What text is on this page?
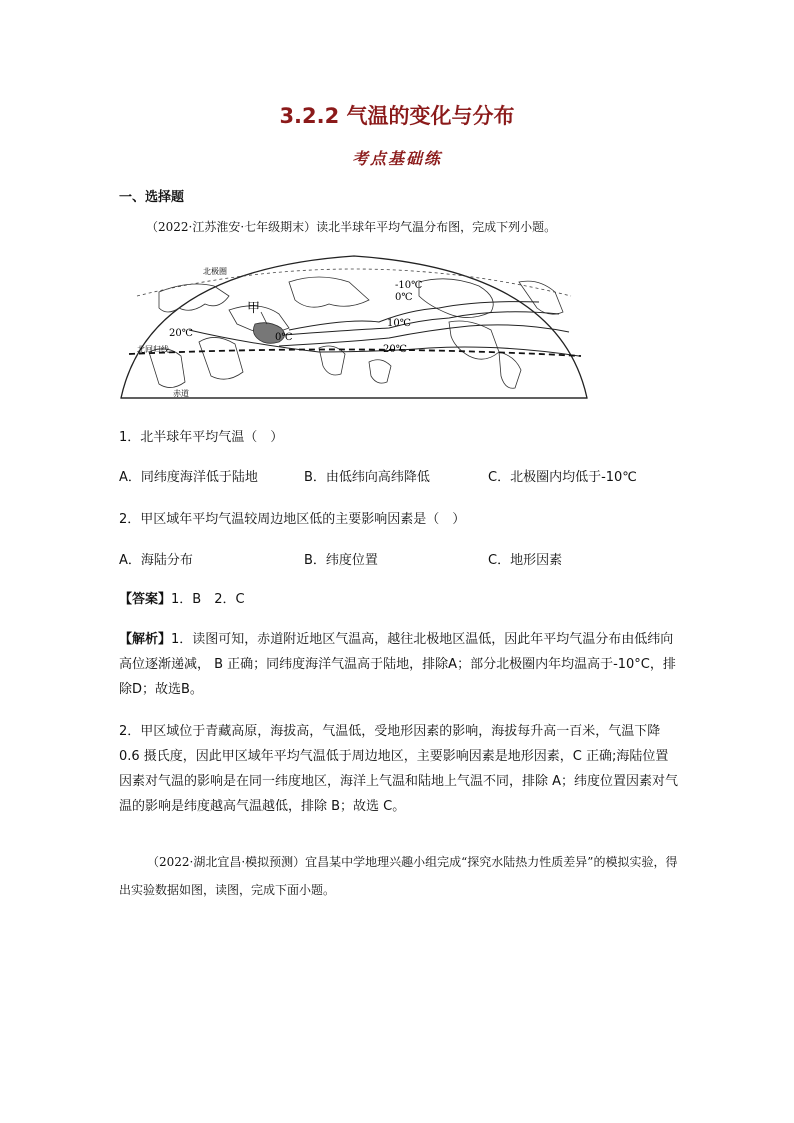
3.2.2 气温的变化与分布
考点基础练
一、选择题
（2022·江苏淮安·七年级期末）读北半球年平均气温分布图，完成下列小题。
北极圈
北回归线
赤道
甲
-10℃
0℃
10℃
20℃
0℃
20℃
1．北半球年平均气温（　）
A．同纬度海洋低于陆地	B．由低纬向高纬降低	C．北极圈内均低于-10℃
2．甲区域年平均气温较周边地区低的主要影响因素是（　）
A．海陆分布	B．纬度位置	C．地形因素
【答案】1．B　2．C
【解析】1．读图可知，赤道附近地区气温高，越往北极地区温低，因此年平均气温分布由低纬向高位逐渐递减， B 正确；同纬度海洋气温高于陆地，排除A；部分北极圈内年均温高于-10°C，排除D；故选B。
2．甲区域位于青藏高原，海拔高，气温低，受地形因素的影响，海拔每升高一百米，气温下降 0.6 摄氏度，因此甲区域年平均气温低于周边地区，主要影响因素是地形因素，C 正确;海陆位置因素对气温的影响是在同一纬度地区，海洋上气温和陆地上气温不同，排除 A；纬度位置因素对气温的影响是纬度越高气温越低，排除 B；故选 C。
（2022·湖北宜昌·模拟预测）宜昌某中学地理兴趣小组完成“探究水陆热力性质差异”的模拟实验，得出实验数据如图，读图，完成下面小题。
